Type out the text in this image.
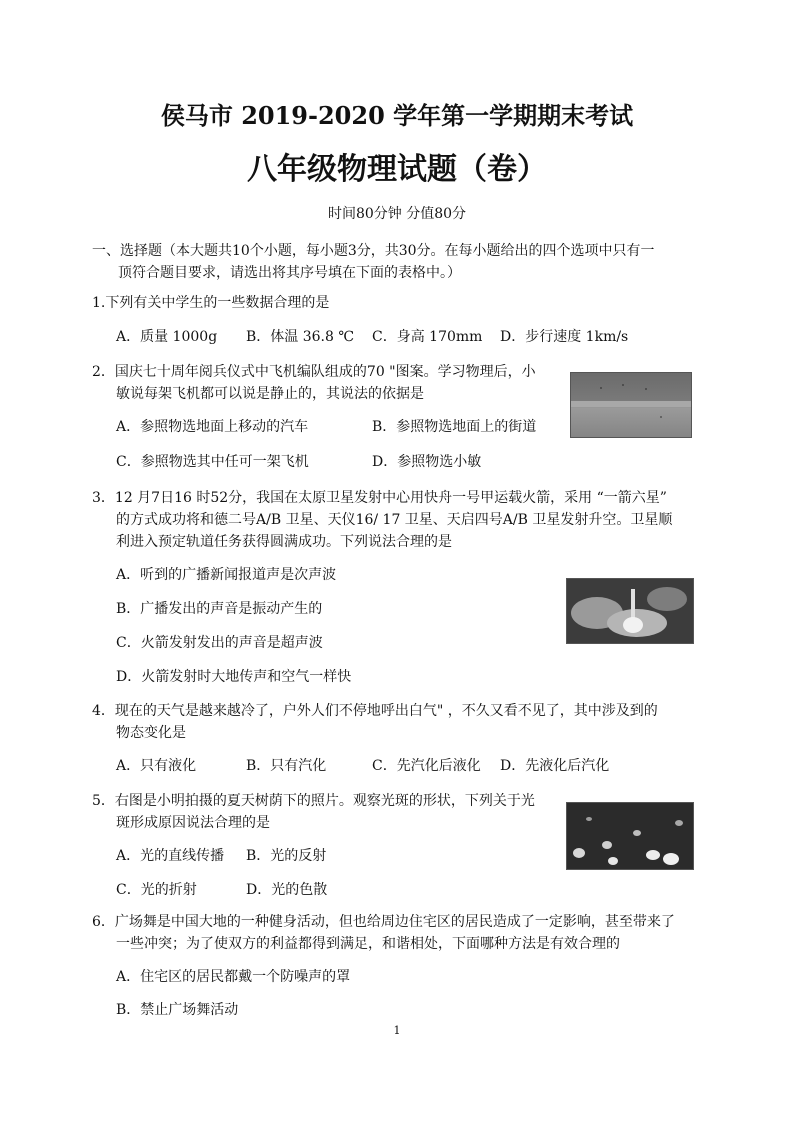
侯马市 2019-2020 学年第一学期期末考试
八年级物理试题（卷）
时间80分钟 分值80分
一、选择题（本大题共10个小题，每小题3分，共30分。在每小题给出的四个选项中只有一
顶符合题目要求，请选出将其序号填在下面的表格中。）
1.下列有关中学生的一些数据合理的是
A．质量 1000g B．体温 36.8 ℃ C．身高 170mm D．步行速度 1km/s
2．国庆七十周年阅兵仪式中飞机编队组成的70 "图案。学习物理后，小
敏说每架飞机都可以说是静止的，其说法的依据是
A．参照物选地面上移动的汽车	B．参照物选地面上的街道
C．参照物选其中任可一架飞机	D．参照物选小敏
3．12 月7日16 时52分，我国在太原卫星发射中心用快舟一号甲运载火箭，采用 “一箭六星”
的方式成功将和德二号A/B 卫星、天仪16/ 17 卫星、天启四号A/B 卫星发射升空。卫星顺
利进入预定轨道任务获得圆满成功。下列说法合理的是
A．听到的广播新闻报道声是次声波
B．广播发出的声音是振动产生的
C．火箭发射发出的声音是超声波
D．火箭发射时大地传声和空气一样快
4．现在的天气是越来越冷了，户外人们不停地呼出白气" ，不久又看不见了，其中涉及到的
物态变化是
A．只有液化	B．只有汽化	C．先汽化后液化 D．先液化后汽化
5．右图是小明拍摄的夏天树荫下的照片。观察光斑的形状，下列关于光
斑形成原因说法合理的是
A．光的直线传播 B．光的反射
C．光的折射	D．光的色散
6．广场舞是中国大地的一种健身活动，但也给周边住宅区的居民造成了一定影响，甚至带来了
一些冲突；为了使双方的利益都得到满足，和谐相处，下面哪种方法是有效合理的
A．住宅区的居民都戴一个防噪声的罩
B．禁止广场舞活动
1
